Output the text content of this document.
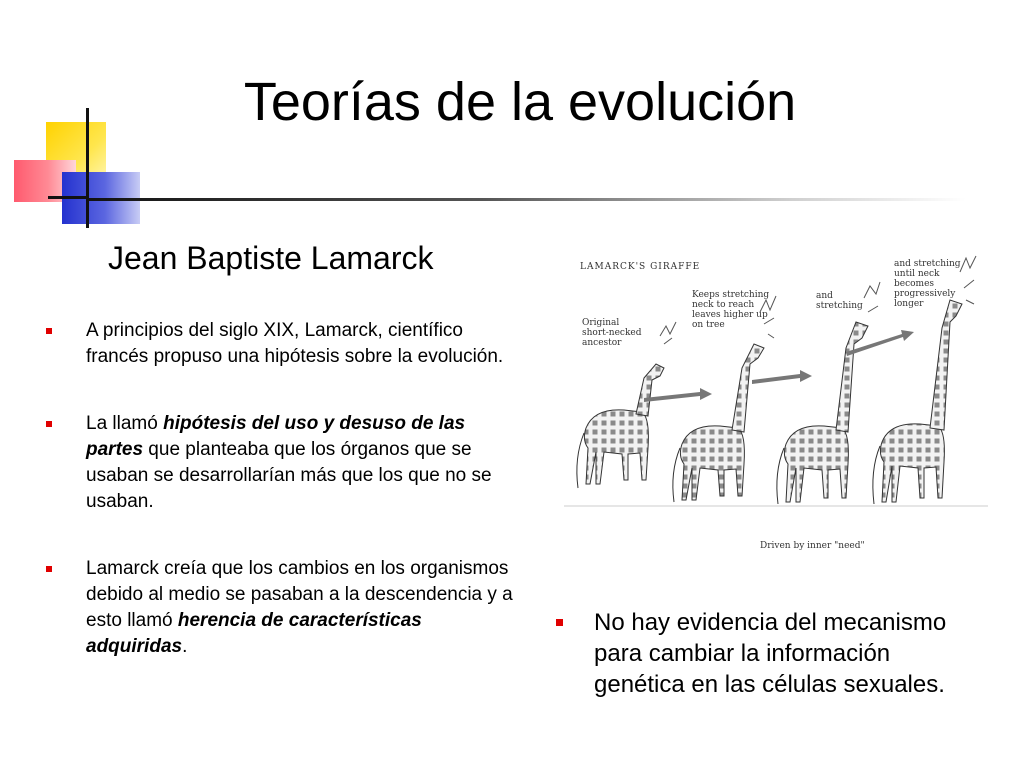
Teorías de la evolución
Jean Baptiste Lamarck
A principios del siglo XIX, Lamarck, científico francés propuso una hipótesis sobre la evolución.
La llamó hipótesis del uso y desuso de las partes que planteaba que los órganos que se usaban se desarrollarían más que los que no se usaban.
Lamarck creía que los cambios en los organismos debido al medio se pasaban a la descendencia y a esto llamó herencia de características adquiridas.
LAMARCK'S GIRAFFE
Original short-necked ancestor
Keeps stretching neck to reach leaves higher up on tree
and stretching
and stretching until neck becomes progressively longer
Driven by inner "need"
No hay evidencia del mecanismo para cambiar la información genética en las células sexuales.
